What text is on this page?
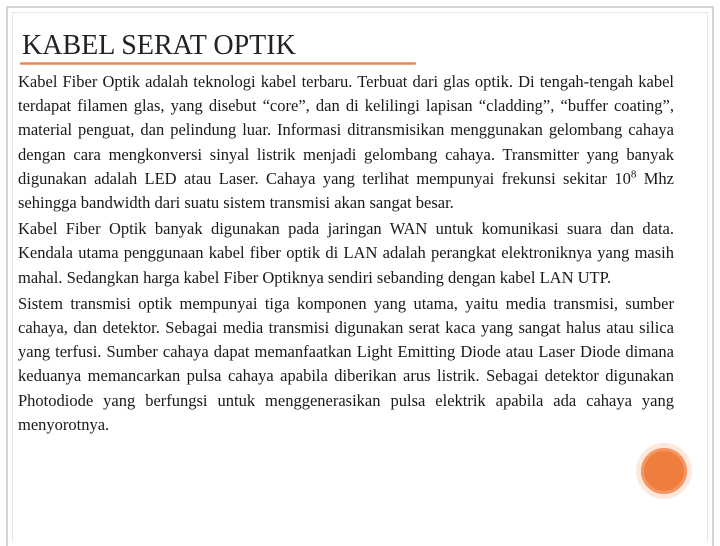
KABEL SERAT OPTIK

Kabel Fiber Optik adalah teknologi kabel terbaru. Terbuat dari glas optik. Di tengah-tengah kabel terdapat filamen glas, yang disebut “core”, dan di kelilingi lapisan “cladding”, “buffer coating”, material penguat, dan pelindung luar. Informasi ditransmisikan menggunakan gelombang cahaya dengan cara mengkonversi sinyal listrik menjadi gelombang cahaya. Transmitter yang banyak digunakan adalah LED atau Laser. Cahaya yang terlihat mempunyai frekunsi sekitar $10^8$ Mhz sehingga bandwidth dari suatu sistem transmisi akan sangat besar.

Kabel Fiber Optik banyak digunakan pada jaringan WAN untuk komunikasi suara dan data. Kendala utama penggunaan kabel fiber optik di LAN adalah perangkat elektroniknya yang masih mahal. Sedangkan harga kabel Fiber Optiknya sendiri sebanding dengan kabel LAN UTP.

Sistem transmisi optik mempunyai tiga komponen yang utama, yaitu media transmisi, sumber cahaya, dan detektor. Sebagai media transmisi digunakan serat kaca yang sangat halus atau silica yang terfusi. Sumber cahaya dapat memanfaatkan Light Emitting Diode atau Laser Diode dimana keduanya memancarkan pulsa cahaya apabila diberikan arus listrik. Sebagai detektor digunakan Photodiode yang berfungsi untuk menggenerasikan pulsa elektrik apabila ada cahaya yang menyorotnya.
